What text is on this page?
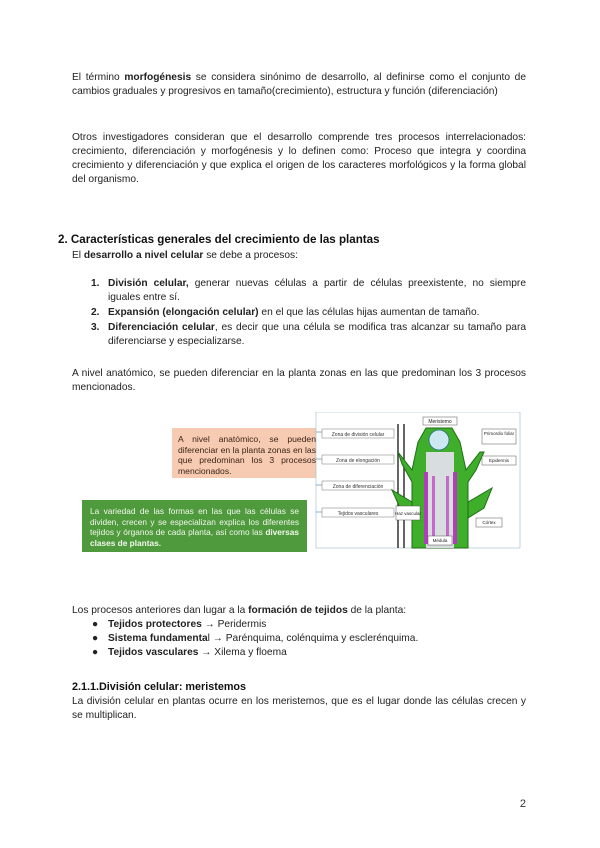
El término morfogénesis se considera sinónimo de desarrollo, al definirse como el conjunto de cambios graduales y progresivos en tamaño(crecimiento), estructura y función (diferenciación)

Otros investigadores consideran que el desarrollo comprende tres procesos interrelacionados: crecimiento, diferenciación y morfogénesis y lo definen como: Proceso que integra y coordina crecimiento y diferenciación y que explica el origen de los caracteres morfológicos y la forma global del organismo.

2. Características generales del crecimiento de las plantas

El desarrollo a nivel celular se debe a procesos:

1. División celular, generar nuevas células a partir de células preexistente, no siempre iguales entre sí.
2. Expansión (elongación celular) en el que las células hijas aumentan de tamaño.
3. Diferenciación celular, es decir que una célula se modifica tras alcanzar su tamaño para diferenciarse y especializarse.

A nivel anatómico, se pueden diferenciar en la planta zonas en las que predominan los 3 procesos mencionados.

A nivel anatómico, se pueden diferenciar en la planta zonas en las que predominan los 3 procesos mencionados.
La variedad de las formas en las que las células se dividen, crecen y se especializan explica los diferentes tejidos y órganos de cada planta, así como las diversas clases de plantas.
Zona de división celular
Zona de elongación
Zona de diferenciación
Tejidos vasculares
Meristemo
Primordio foliar
Epidermis
Haz vascular
Córtex
Médula

Los procesos anteriores dan lugar a la formación de tejidos de la planta:

● Tejidos protectores → Peridermis
● Sistema fundamental → Parénquima, colénquima y esclerénquima.
● Tejidos vasculares → Xilema y floema
2.1.1.División celular: meristemos

La división celular en plantas ocurre en los meristemos, que es el lugar donde las células crecen y se multiplican.

2
